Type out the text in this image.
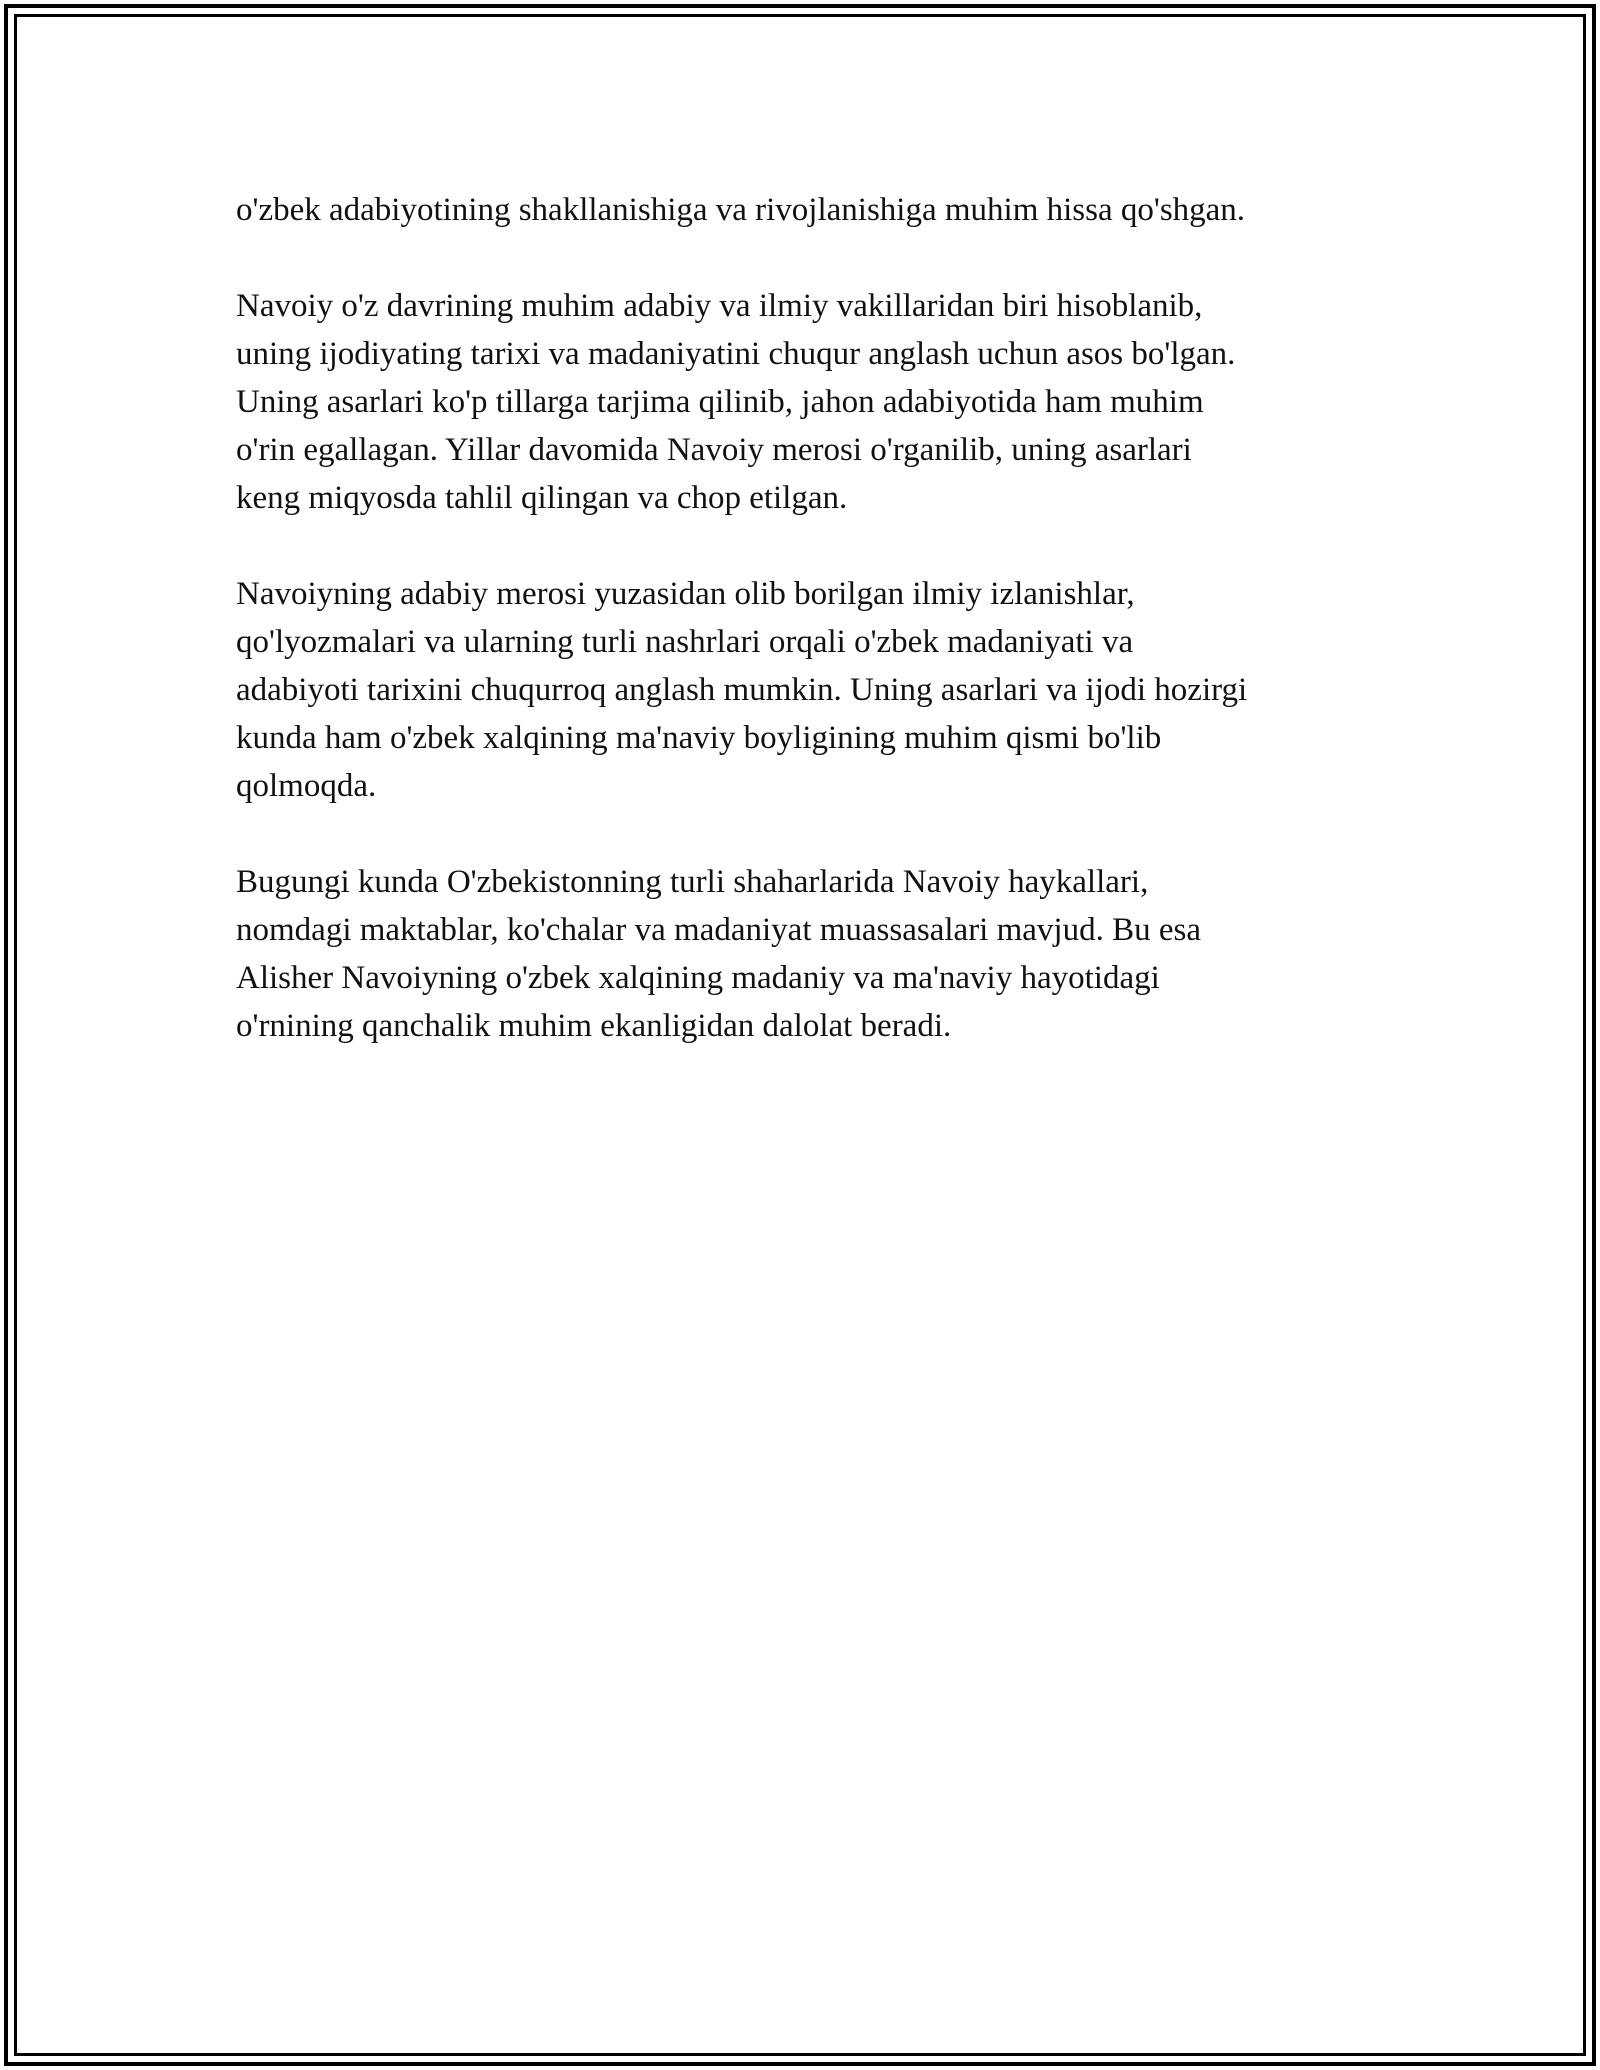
o'zbek adabiyotining shakllanishiga va rivojlanishiga muhim hissa qo'shgan.

Navoiy o'z davrining muhim adabiy va ilmiy vakillaridan biri hisoblanib,
uning ijodiyating tarixi va madaniyatini chuqur anglash uchun asos bo'lgan.
Uning asarlari ko'p tillarga tarjima qilinib, jahon adabiyotida ham muhim
o'rin egallagan. Yillar davomida Navoiy merosi o'rganilib, uning asarlari
keng miqyosda tahlil qilingan va chop etilgan.

Navoiyning adabiy merosi yuzasidan olib borilgan ilmiy izlanishlar,
qo'lyozmalari va ularning turli nashrlari orqali o'zbek madaniyati va
adabiyoti tarixini chuqurroq anglash mumkin. Uning asarlari va ijodi hozirgi
kunda ham o'zbek xalqining ma'naviy boyligining muhim qismi bo'lib
qolmoqda.

Bugungi kunda O'zbekistonning turli shaharlarida Navoiy haykallari,
nomdagi maktablar, ko'chalar va madaniyat muassasalari mavjud. Bu esa
Alisher Navoiyning o'zbek xalqining madaniy va ma'naviy hayotidagi
o'rnining qanchalik muhim ekanligidan dalolat beradi.
